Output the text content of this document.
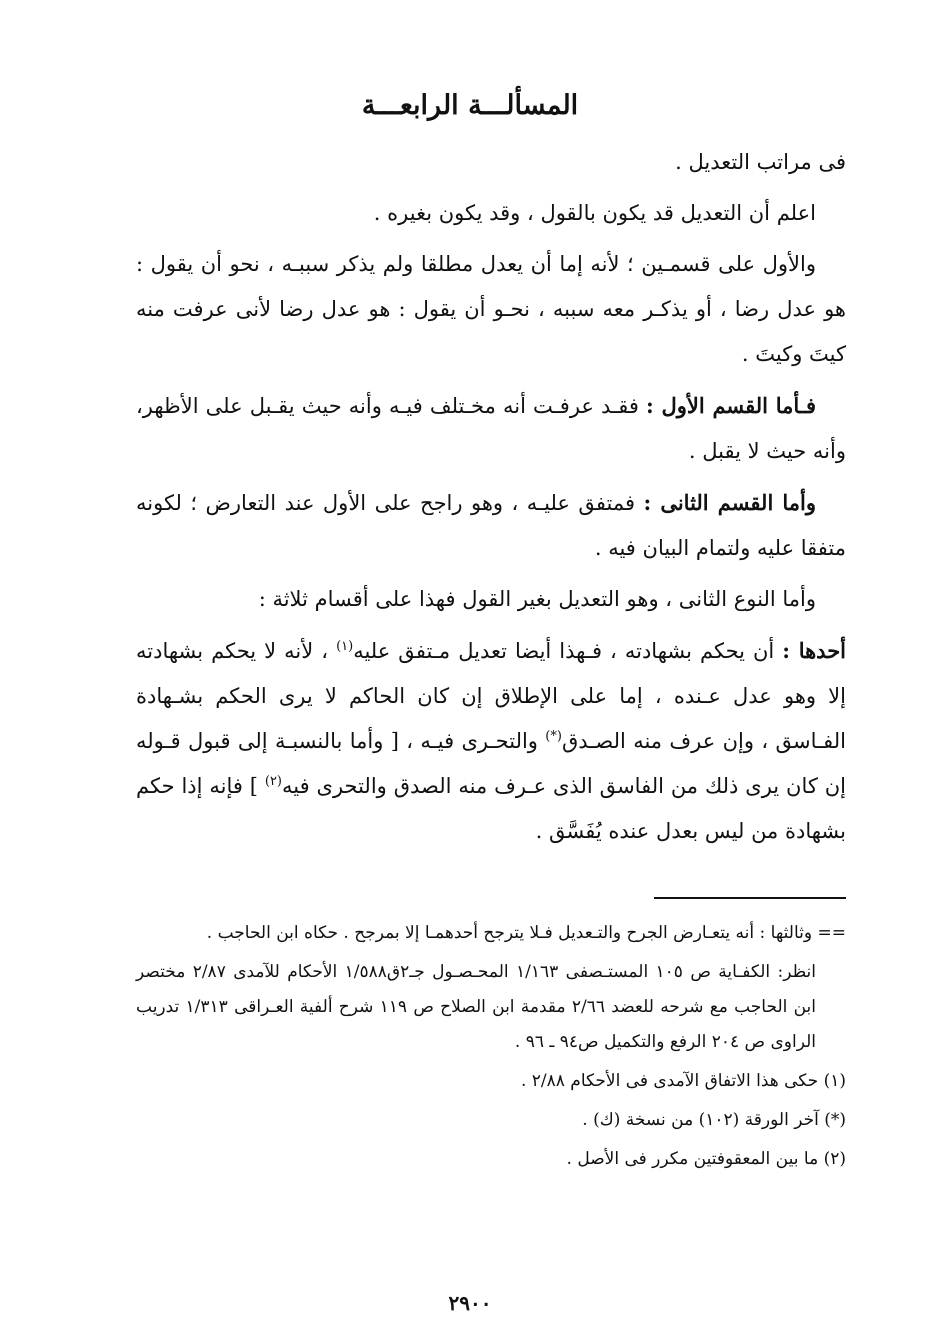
المسألـــة الرابعـــة

فى مراتب التعديل .

اعلم أن التعديل قد يكون بالقول ، وقد يكون بغيره .

والأول على قسمـين ؛ لأنه إما أن يعدل مطلقا ولم يذكر سببـه ، نحو أن يقول : هو عدل رضا ، أو يذكـر معه سببه ، نحـو أن يقول : هو عدل رضا لأنى عرفت منه كيتَ وكيتَ .

فـأما القسم الأول : فقـد عرفـت أنه مخـتلف فيـه وأنه حيث يقـبل على الأظهر، وأنه حيث لا يقبل .

وأما القسم الثانى : فمتفق عليـه ، وهو راجح على الأول عند التعارض ؛ لكونه متفقا عليه ولتمام البيان فيه .

وأما النوع الثانى ، وهو التعديل بغير القول فهذا على أقسام ثلاثة :

أحدها : أن يحكم بشهادته ، فـهذا أيضا تعديل مـتفق عليه$^{(١)}$ ، لأنه لا يحكم بشهادته إلا وهو عدل عـنده ، إما على الإطلاق إن كان الحاكم لا يرى الحكم بشـهادة الفـاسق ، وإن عرف منه الصـدق(*) والتحـرى فيـه ، [ وأما بالنسبـة إلى قبول قـوله إن كان يرى ذلك من الفاسق الذى عـرف منه الصدق والتحرى فيه$^{(٢)}$ ] فإنه إذا حكم بشهادة من ليس بعدل عنده يُفَسَّق .

== وثالثها : أنه يتعـارض الجرح والتـعديل فـلا يترجح أحدهمـا إلا بمرجح . حكاه ابن الحاجب .

انظر: الكفـاية ص ١٠٥ المستـصفى ١/١٦٣ المحـصـول جـ٢ق١/٥٨٨ الأحكام للآمدى ٢/٨٧ مختصر ابن الحاجب مع شرحه للعضد ٢/٦٦ مقدمة ابن الصلاح ص ١١٩ شرح ألفية العـراقى ١/٣١٣ تدريب الراوى ص ٢٠٤ الرفع والتكميل ص٩٤ ـ ٩٦ .

(١) حكى هذا الاتفاق الآمدى فى الأحكام ٢/٨٨ .

(*) آخر الورقة (١٠٢) من نسخة (ك) .

(٢) ما بين المعقوفتين مكرر فى الأصل .

٢٩٠٠
